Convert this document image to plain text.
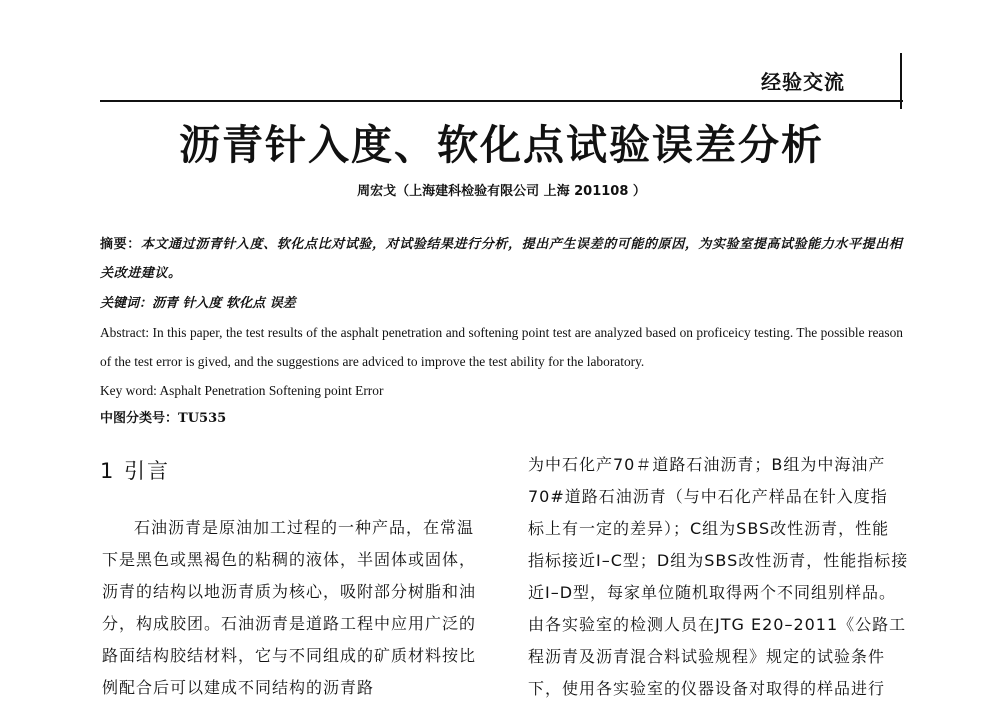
经验交流
沥青针入度、软化点试验误差分析
周宏戈（上海建科检验有限公司 上海 201108 ）
摘要：本文通过沥青针入度、软化点比对试验，对试验结果进行分析，提出产生误差的可能的原因，为实验室提高试验能力水平提出相关改进建议。
关键词：沥青 针入度 软化点 误差
Abstract: In this paper, the test results of the asphalt penetration and softening point test are analyzed based on proficeicy testing. The possible reason of the test error is gived, and the suggestions are adviced to improve the test ability for the laboratory.
Key word: Asphalt Penetration Softening point Error
中图分类号：TU535
1 引言
石油沥青是原油加工过程的一种产品，在常温下是黑色或黑褐色的粘稠的液体，半固体或固体，沥青的结构以地沥青质为核心，吸附部分树脂和油分，构成胶团。石油沥青是道路工程中应用广泛的路面结构胶结材料，它与不同组成的矿质材料按比例配合后可以建成不同结构的沥青路
为中石化产70＃道路石油沥青；B组为中海油产
70#道路石油沥青（与中石化产样品在针入度指
标上有一定的差异）；C组为SBS改性沥青，性能
指标接近I–C型；D组为SBS改性沥青，性能指标接
近I–D型，每家单位随机取得两个不同组别样品。
由各实验室的检测人员在JTG E20–2011《公路工
程沥青及沥青混合料试验规程》规定的试验条件
下，使用各实验室的仪器设备对取得的样品进行
